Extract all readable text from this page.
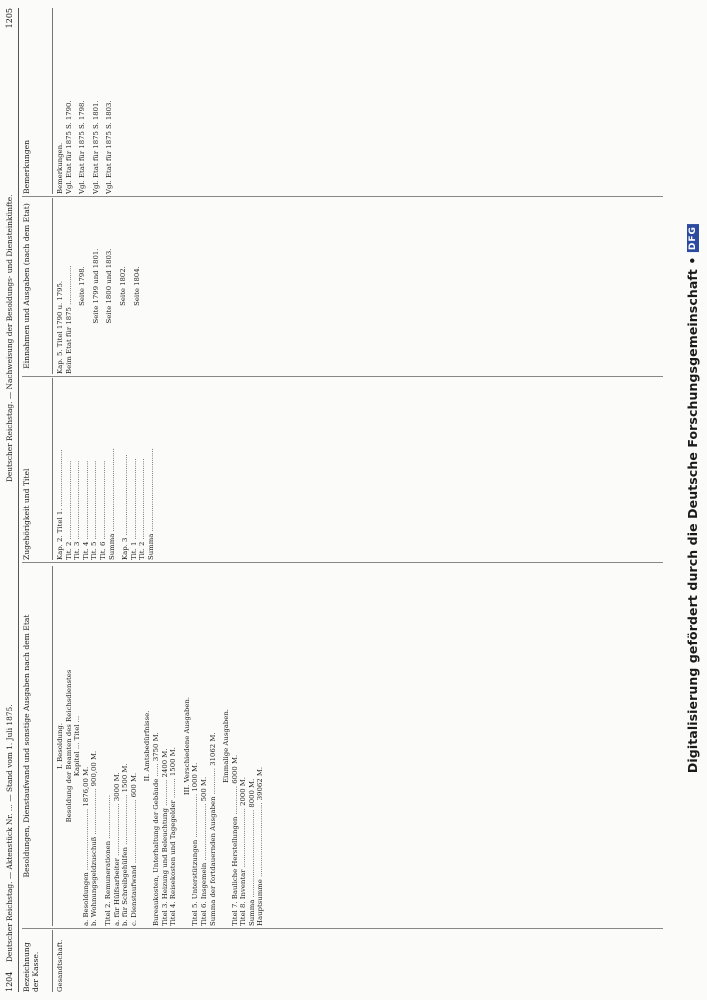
1204
Deutscher Reichstag. — Aktenstück Nr. ... — Stand vom 1. Juli 1875.
Deutscher Reichstag. — Nachweisung der Besoldungs- und Diensteinkünfte.
1205
Bezeichnung der Kasse.
Besoldungen, Dienstaufwand und sonstige Ausgaben nach dem Etat
Zugehörigkeit und Titel
Einnahmen und Ausgaben (nach dem Etat)
Bemerkungen
Gesandtschaft.
I. Besoldung. Besoldung der Beamten des Reichsdienstes Kapitel ... Titel ...
a. Besoldungen ............................ 1876,00 M. b. Wohnungsgeldzuschuß ..................... 900,00 M. Titel 2. Remunerationen .................... a. für Hülfsarbeiter ........................ 3000 M. b. für Schreibgehülfen ....................... 1500 M. c. Dienstaufwand ............................. 600 M.
II. Amtsbedürfnisse. Bureaukosten, Unterhaltung der Gebäude ...... 3750 M. Titel 3. Heizung und Beleuchtung ............ 2400 M. Titel 4. Reisekosten und Tagegelder ......... 1500 M.
III. Verschiedene Ausgaben.
Titel 5. Unterstützungen .................... 1000 M. Titel 6. Insgemein .......................... 500 M. Summa der fortdauernden Ausgaben ............ 31062 M. Einmalige Ausgaben.
Titel 7. Bauliche Herstellungen ............. 6000 M. Titel 8. Inventar ........................... 2000 M. Summa ........................................ 8000 M. Hauptsumme .................................. 39062 M.
Kap. 2. Titel 1. .......................... Tit. 2 .................................... Tit. 3 .................................... Tit. 4 .................................... Tit. 5 .................................... Tit. 6 .................................... Summa ...................................... Kap. 3 ..................................... Tit. 1 ..................................... Tit. 2 ..................................... Summa ......................................
Kap. 5. Titel 1790 u. 1795. Beim Etat für 1875 .................. Seite 1798. Seite 1799 und 1801. Seite 1800 und 1803. Seite 1802. Seite 1804.
Bemerkungen. Vgl. Etat für 1875 S. 1790. Vgl. Etat für 1875 S. 1798. Vgl. Etat für 1875 S. 1801. Vgl. Etat für 1875 S. 1803.
Digitalisierung gefördert durch die Deutsche Forschungsgemeinschaft • DFG
